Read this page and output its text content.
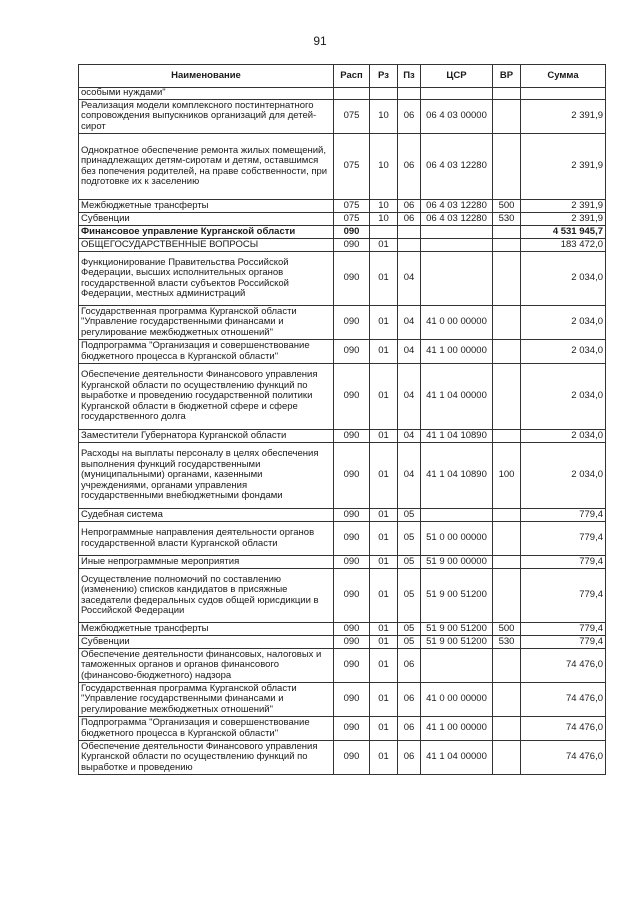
91
Наименование	Расп	Рз	Пз	ЦСР	ВР	Сумма
особыми нуждами"						
Реализация модели комплексного постинтернатного сопровождения выпускников организаций для детей-сирот	075	10	06	06 4 03 00000		2 391,9
Однократное обеспечение ремонта жилых помещений, принадлежащих детям-сиротам и детям, оставшимся без попечения родителей, на праве собственности, при подготовке их к заселению	075	10	06	06 4 03 12280		2 391,9
Межбюджетные трансферты	075	10	06	06 4 03 12280	500	2 391,9
Субвенции	075	10	06	06 4 03 12280	530	2 391,9
Финансовое управление Курганской области	090					4 531 945,7
ОБЩЕГОСУДАРСТВЕННЫЕ ВОПРОСЫ	090	01				183 472,0
Функционирование Правительства Российской Федерации, высших исполнительных органов государственной власти субъектов Российской Федерации, местных администраций	090	01	04			2 034,0
Государственная программа Курганской области "Управление государственными финансами и регулирование межбюджетных отношений"	090	01	04	41 0 00 00000		2 034,0
Подпрограмма "Организация и совершенствование бюджетного процесса в Курганской области"	090	01	04	41 1 00 00000		2 034,0
Обеспечение деятельности Финансового управления Курганской области по осуществлению функций по выработке и проведению государственной политики Курганской области в бюджетной сфере и сфере государственного долга	090	01	04	41 1 04 00000		2 034,0
Заместители Губернатора Курганской области	090	01	04	41 1 04 10890		2 034,0
Расходы на выплаты персоналу в целях обеспечения выполнения функций государственными (муниципальными) органами, казенными учреждениями, органами управления государственными внебюджетными фондами	090	01	04	41 1 04 10890	100	2 034,0
Судебная система	090	01	05			779,4
Непрограммные направления деятельности органов государственной власти Курганской области	090	01	05	51 0 00 00000		779,4
Иные непрограммные мероприятия	090	01	05	51 9 00 00000		779,4
Осуществление полномочий по составлению (изменению) списков кандидатов в присяжные заседатели федеральных судов общей юрисдикции в Российской Федерации	090	01	05	51 9 00 51200		779,4
Межбюджетные трансферты	090	01	05	51 9 00 51200	500	779,4
Субвенции	090	01	05	51 9 00 51200	530	779,4
Обеспечение деятельности финансовых, налоговых и таможенных органов и органов финансового (финансово-бюджетного) надзора	090	01	06			74 476,0
Государственная программа Курганской области "Управление государственными финансами и регулирование межбюджетных отношений"	090	01	06	41 0 00 00000		74 476,0
Подпрограмма "Организация и совершенствование бюджетного процесса в Курганской области"	090	01	06	41 1 00 00000		74 476,0
Обеспечение деятельности Финансового управления Курганской области по осуществлению функций по выработке и проведению	090	01	06	41 1 04 00000		74 476,0
